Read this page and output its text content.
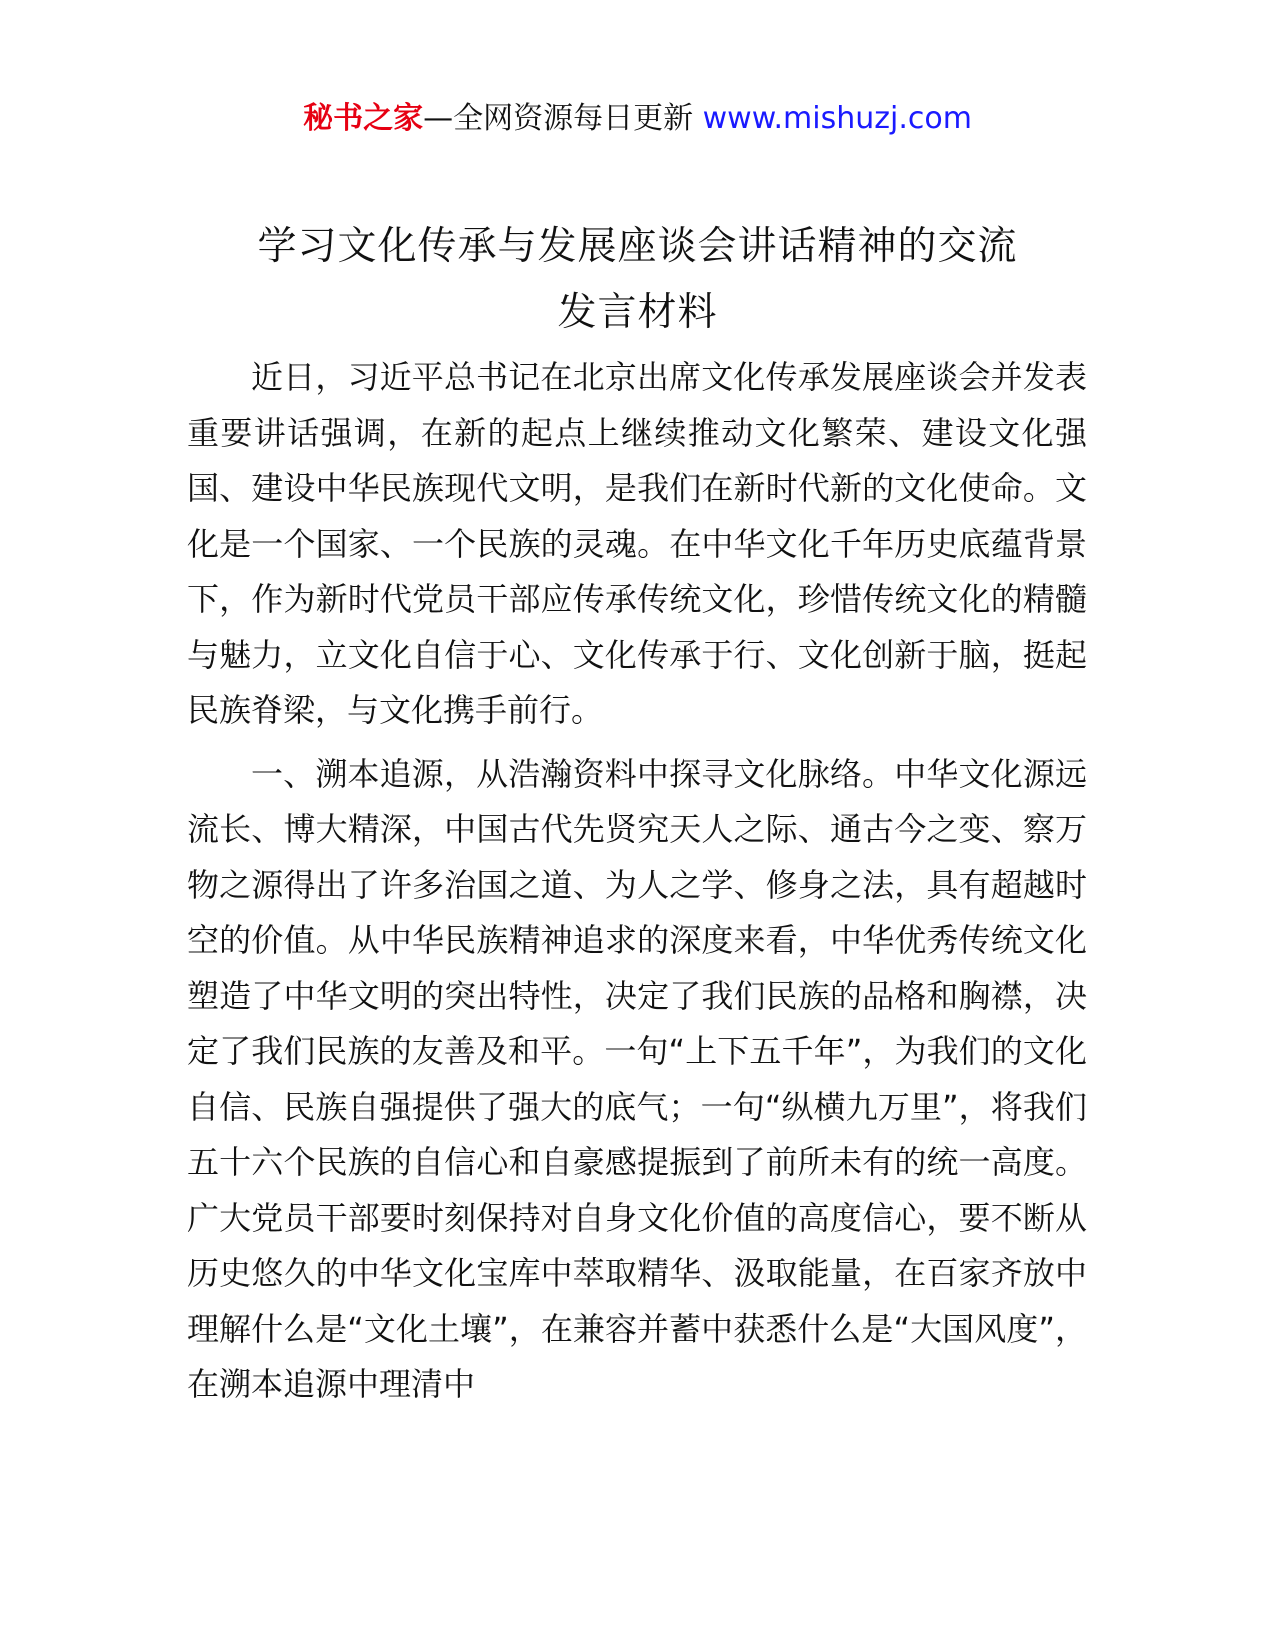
秘书之家—全网资源每日更新 www.mishuzj.com
学习文化传承与发展座谈会讲话精神的交流
发言材料

近日，习近平总书记在北京出席文化传承发展座谈会并发表重要讲话强调，在新的起点上继续推动文化繁荣、建设文化强国、建设中华民族现代文明，是我们在新时代新的文化使命。文化是一个国家、一个民族的灵魂。在中华文化千年历史底蕴背景下，作为新时代党员干部应传承传统文化，珍惜传统文化的精髓与魅力，立文化自信于心、文化传承于行、文化创新于脑，挺起民族脊梁，与文化携手前行。

一、溯本追源，从浩瀚资料中探寻文化脉络。中华文化源远流长、博大精深，中国古代先贤究天人之际、通古今之变、察万物之源得出了许多治国之道、为人之学、修身之法，具有超越时空的价值。从中华民族精神追求的深度来看，中华优秀传统文化塑造了中华文明的突出特性，决定了我们民族的品格和胸襟，决定了我们民族的友善及和平。一句“上下五千年”，为我们的文化自信、民族自强提供了强大的底气；一句“纵横九万里”，将我们五十六个民族的自信心和自豪感提振到了前所未有的统一高度。广大党员干部要时刻保持对自身文化价值的高度信心，要不断从历史悠久的中华文化宝库中萃取精华、汲取能量，在百家齐放中理解什么是“文化土壤”，在兼容并蓄中获悉什么是“大国风度”，在溯本追源中理清中
